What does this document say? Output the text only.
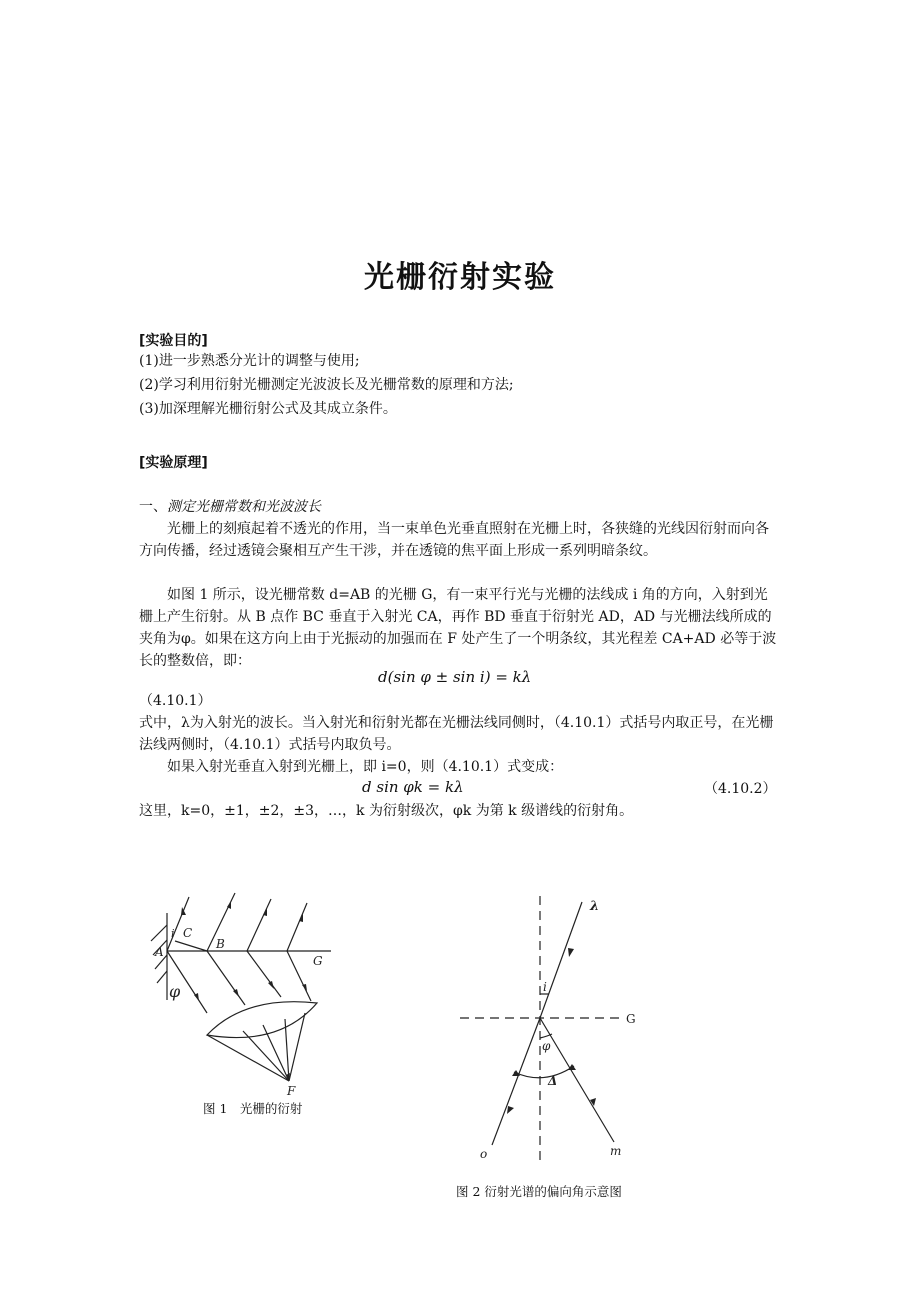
光栅衍射实验
[实验目的]
(1)进一步熟悉分光计的调整与使用;
(2)学习利用衍射光栅测定光波波长及光栅常数的原理和方法;
(3)加深理解光栅衍射公式及其成立条件。
[实验原理]
一、测定光栅常数和光波波长
光栅上的刻痕起着不透光的作用，当一束单色光垂直照射在光栅上时，各狭缝的光线因衍射而向各方向传播，经过透镜会聚相互产生干涉，并在透镜的焦平面上形成一系列明暗条纹。
如图 1 所示，设光栅常数 d=AB 的光栅 G，有一束平行光与光栅的法线成 i 角的方向，入射到光栅上产生衍射。从 B 点作 BC 垂直于入射光 CA，再作 BD 垂直于衍射光 AD，AD 与光栅法线所成的夹角为φ。如果在这方向上由于光振动的加强而在 F 处产生了一个明条纹，其光程差 CA+AD 必等于波长的整数倍，即：
d(sin φ ± sin i) = kλ
（4.10.1）
式中，λ为入射光的波长。当入射光和衍射光都在光栅法线同侧时，（4.10.1）式括号内取正号，在光栅法线两侧时，（4.10.1）式括号内取负号。
如果入射光垂直入射到光栅上，即 i=0，则（4.10.1）式变成：
d sin φk = kλ	（4.10.2）
这里，k=0，±1，±2，±3，…，k 为衍射级次，φk 为第 k 级谱线的衍射角。
A
B
C
G
F
i
φ
图 1　光栅的衍射
λ
i
G
φ
Δ
o	m
图 2 衍射光谱的偏向角示意图
